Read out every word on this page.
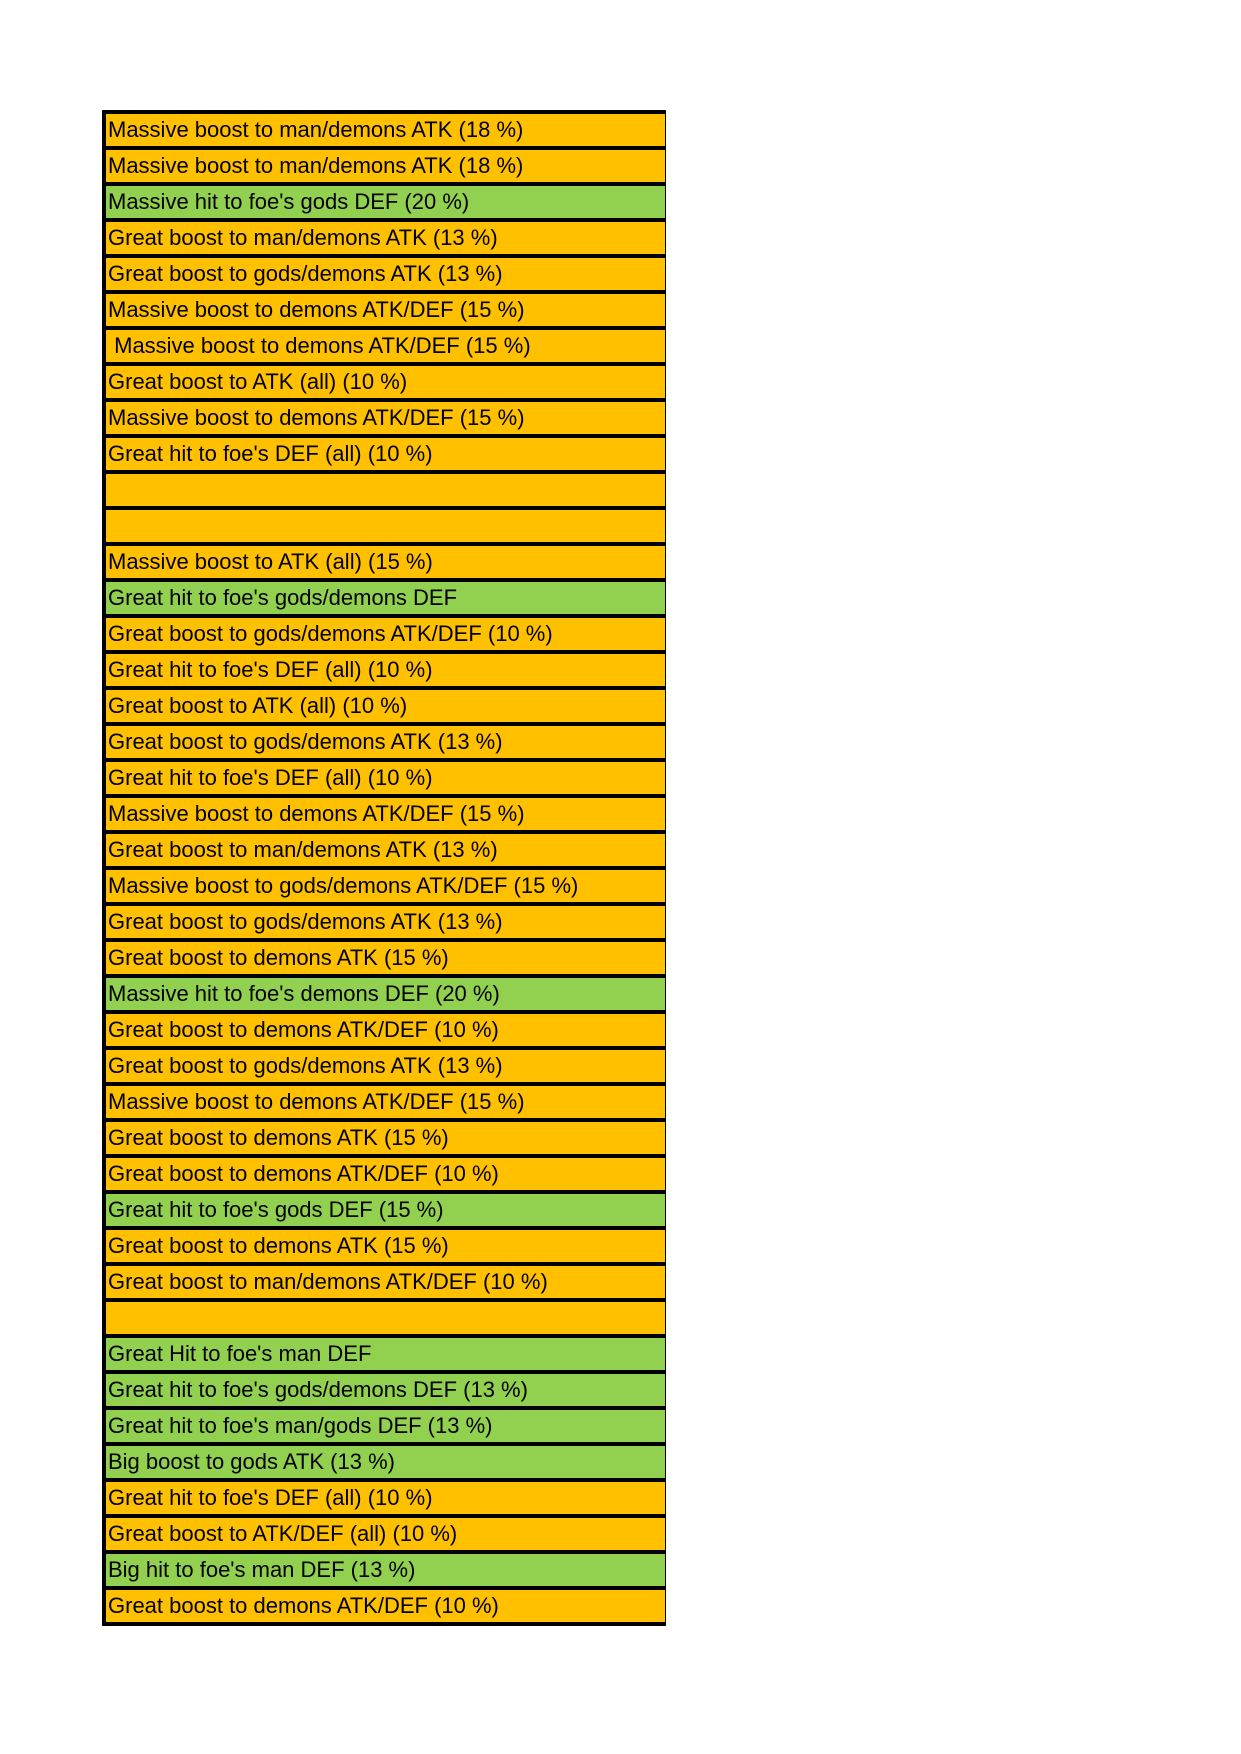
Massive boost to man/demons ATK (18 %)
Massive boost to man/demons ATK (18 %)
Massive hit to foe's gods DEF (20 %)
Great boost to man/demons ATK (13 %)
Great boost to gods/demons ATK (13 %)
Massive boost to demons ATK/DEF (15 %)
Massive boost to demons ATK/DEF (15 %)
Great boost to ATK (all) (10 %)
Massive boost to demons ATK/DEF (15 %)
Great hit to foe's DEF (all) (10 %)
Massive boost to ATK (all) (15 %)
Great hit to foe's gods/demons DEF
Great boost to gods/demons ATK/DEF (10 %)
Great hit to foe's DEF (all) (10 %)
Great boost to ATK (all) (10 %)
Great boost to gods/demons ATK (13 %)
Great hit to foe's DEF (all) (10 %)
Massive boost to demons ATK/DEF (15 %)
Great boost to man/demons ATK (13 %)
Massive boost to gods/demons ATK/DEF (15 %)
Great boost to gods/demons ATK (13 %)
Great boost to demons ATK (15 %)
Massive hit to foe's demons DEF (20 %)
Great boost to demons ATK/DEF (10 %)
Great boost to gods/demons ATK (13 %)
Massive boost to demons ATK/DEF (15 %)
Great boost to demons ATK (15 %)
Great boost to demons ATK/DEF (10 %)
Great hit to foe's gods DEF (15 %)
Great boost to demons ATK (15 %)
Great boost to man/demons ATK/DEF (10 %)
Great Hit to foe's man DEF
Great hit to foe's gods/demons DEF (13 %)
Great hit to foe's man/gods DEF (13 %)
Big boost to gods ATK (13 %)
Great hit to foe's DEF (all) (10 %)
Great boost to ATK/DEF (all) (10 %)
Big hit to foe's man DEF (13 %)
Great boost to demons ATK/DEF (10 %)
